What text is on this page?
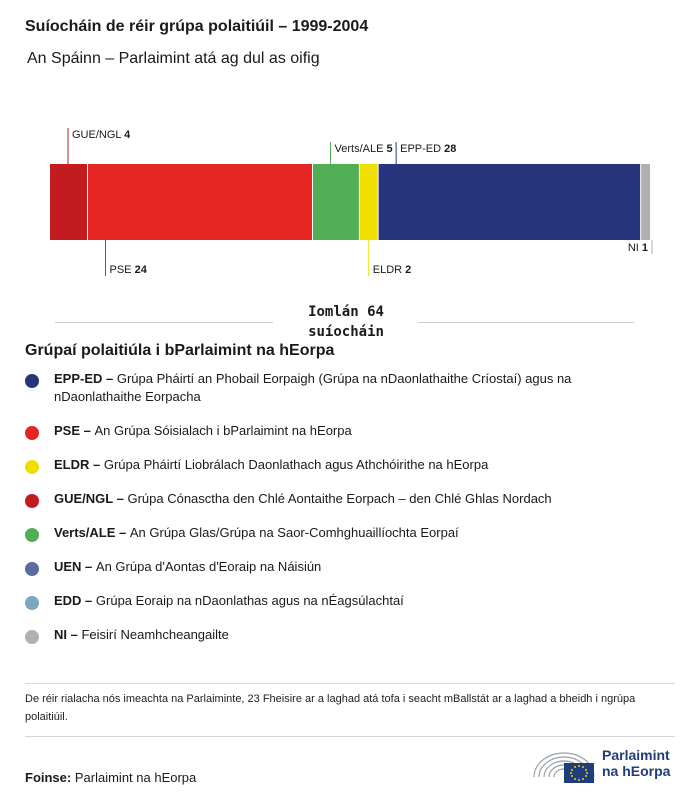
Suíocháin de réir grúpa polaitiúil – 1999-2004
An Spáinn – Parlaimint atá ag dul as oifig
GUE/NGL 4
PSE 24
Verts/ALE 5
ELDR 2
EPP-ED 28
NI 1
Iomlán 64
suíocháin
Grúpaí polaitiúla i bParlaimint na hEorpa
EPP-ED – Grúpa Pháirtí an Phobail Eorpaigh (Grúpa na nDaonlathaithe Críostaí) agus na nDaonlathaithe Eorpacha
PSE – An Grúpa Sóisialach i bParlaimint na hEorpa
ELDR – Grúpa Pháirtí Liobrálach Daonlathach agus Athchóirithe na hEorpa
GUE/NGL – Grúpa Cónasctha den Chlé Aontaithe Eorpach – den Chlé Ghlas Nordach
Verts/ALE – An Grúpa Glas/Grúpa na Saor-Comhghuaillíochta Eorpaí
UEN – An Grúpa d'Aontas d'Eoraip na Náisiún
EDD – Grúpa Eoraip na nDaonlathas agus na nÉagsúlachtaí
NI – Feisirí Neamhcheangailte
De réir rialacha nós imeachta na Parlaiminte, 23 Fheisire ar a laghad atá tofa i seacht mBallstát ar a laghad a bheidh i ngrúpa polaitiúil.
Foinse: Parlaimint na hEorpa
Parlaimint
na hEorpa
